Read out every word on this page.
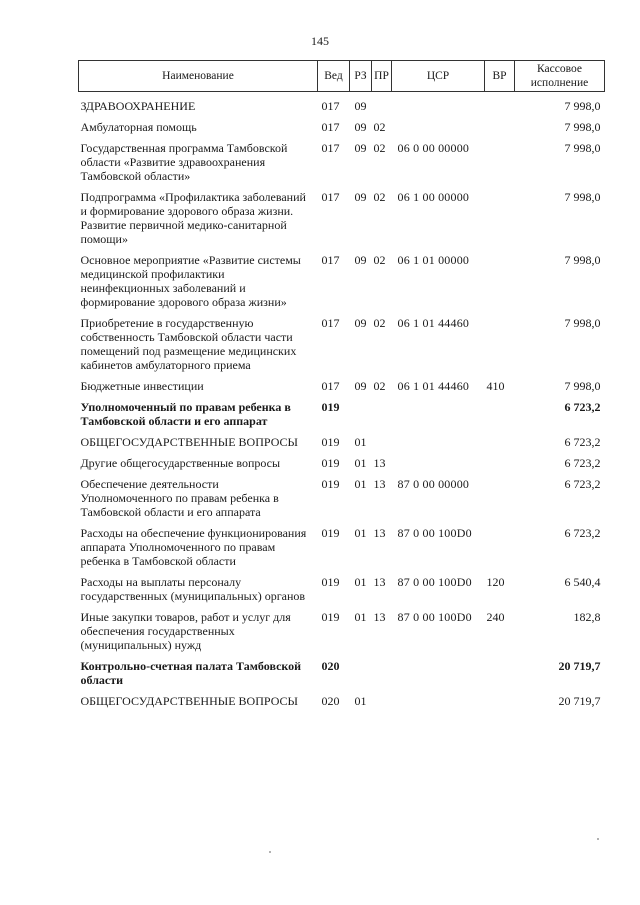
145
Наименование	Вед	РЗ	ПР	ЦСР	ВР	Кассовое исполнение
ЗДРАВООХРАНЕНИЕ	017	09				7 998,0
Амбулаторная помощь	017	09	02			7 998,0
Государственная программа Тамбовской области «Развитие здравоохранения Тамбовской области»	017	09	02	06 0 00 00000		7 998,0
Подпрограмма «Профилактика заболеваний и формирование здорового образа жизни. Развитие первичной медико-санитарной помощи»	017	09	02	06 1 00 00000		7 998,0
Основное мероприятие «Развитие системы медицинской профилактики неинфекционных заболеваний и формирование здорового образа жизни»	017	09	02	06 1 01 00000		7 998,0
Приобретение в государственную собственность Тамбовской области части помещений под размещение медицинских кабинетов амбулаторного приема	017	09	02	06 1 01 44460		7 998,0
Бюджетные инвестиции	017	09	02	06 1 01 44460	410	7 998,0
Уполномоченный по правам ребенка в Тамбовской области и его аппарат	019					6 723,2
ОБЩЕГОСУДАРСТВЕННЫЕ ВОПРОСЫ	019	01				6 723,2
Другие общегосударственные вопросы	019	01	13			6 723,2
Обеспечение деятельности Уполномоченного по правам ребенка в Тамбовской области и его аппарата	019	01	13	87 0 00 00000		6 723,2
Расходы на обеспечение функционирования аппарата Уполномоченного по правам ребенка в Тамбовской области	019	01	13	87 0 00 100D0		6 723,2
Расходы на выплаты персоналу государственных (муниципальных) органов	019	01	13	87 0 00 100D0	120	6 540,4
Иные закупки товаров, работ и услуг для обеспечения государственных (муниципальных) нужд	019	01	13	87 0 00 100D0	240	182,8
Контрольно-счетная палата Тамбовской области	020					20 719,7
ОБЩЕГОСУДАРСТВЕННЫЕ ВОПРОСЫ	020	01				20 719,7
